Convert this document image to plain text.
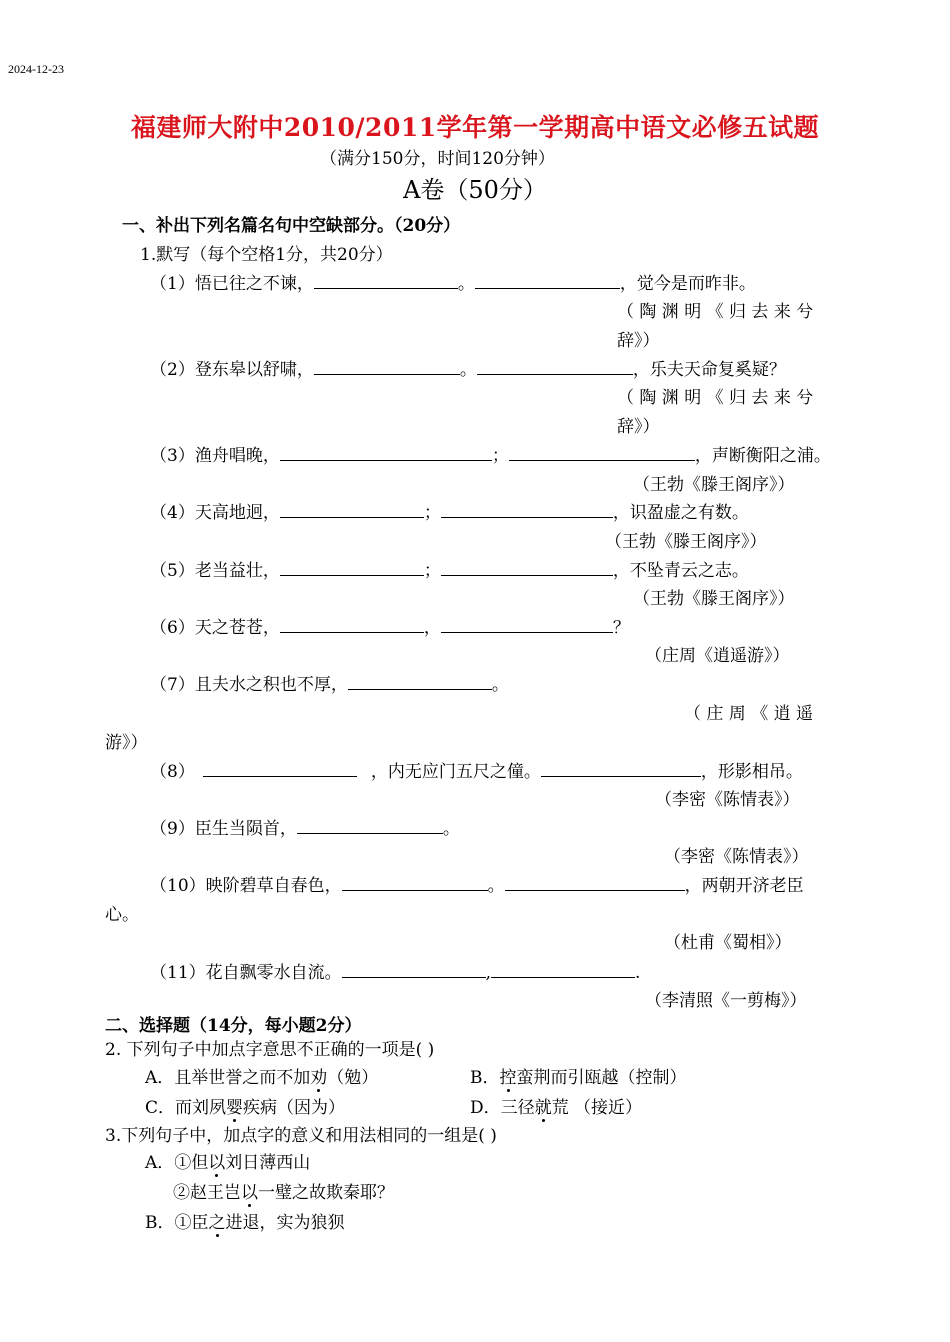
2024-12-23
福建师大附中2010/2011学年第一学期高中语文必修五试题
（满分150分，时间120分钟）
A卷（50分）
一、补出下列名篇名句中空缺部分。（20分）
1.默写（每个空格1分，共20分）
（1）悟已往之不谏，	。	，觉今是而昨非。
（ 陶 渊 明 《 归 去 来 兮
辞》）
（2）登东皋以舒啸，	。	，乐夫天命复奚疑？
（ 陶 渊 明 《 归 去 来 兮
辞》）
（3）渔舟唱晚，	；	，声断衡阳之浦。
（王勃《滕王阁序》）
（4）天高地迥，	；	，识盈虚之有数。
（王勃《滕王阁序》）
（5）老当益壮，	；	，不坠青云之志。
（王勃《滕王阁序》）
（6）天之苍苍，	，	？
（庄周《逍遥游》）
（7）且夫水之积也不厚，	。
（ 庄 周 《 逍 遥
游》）
（8）	，内无应门五尺之僮。	，形影相吊。
（李密《陈情表》）
（9）臣生当陨首，	。
（李密《陈情表》）
（10）映阶碧草自春色，	。	，两朝开济老臣
心。
（杜甫《蜀相》）
（11）花自飘零水自流。	,	.
（李清照《一剪梅》）
二、选择题（14分，每小题2分）
2. 下列句子中加点字意思不正确的一项是( )
A．且举世誉之而不加劝（勉）	B．控蛮荆而引瓯越（控制）
C．而刘夙婴疾病（因为）	D．三径就荒 （接近）
3.下列句子中，加点字的意义和用法相同的一组是( )
A．①但以刘日薄西山
②赵王岂以一璧之故欺秦耶？
B．①臣之进退，实为狼狈
